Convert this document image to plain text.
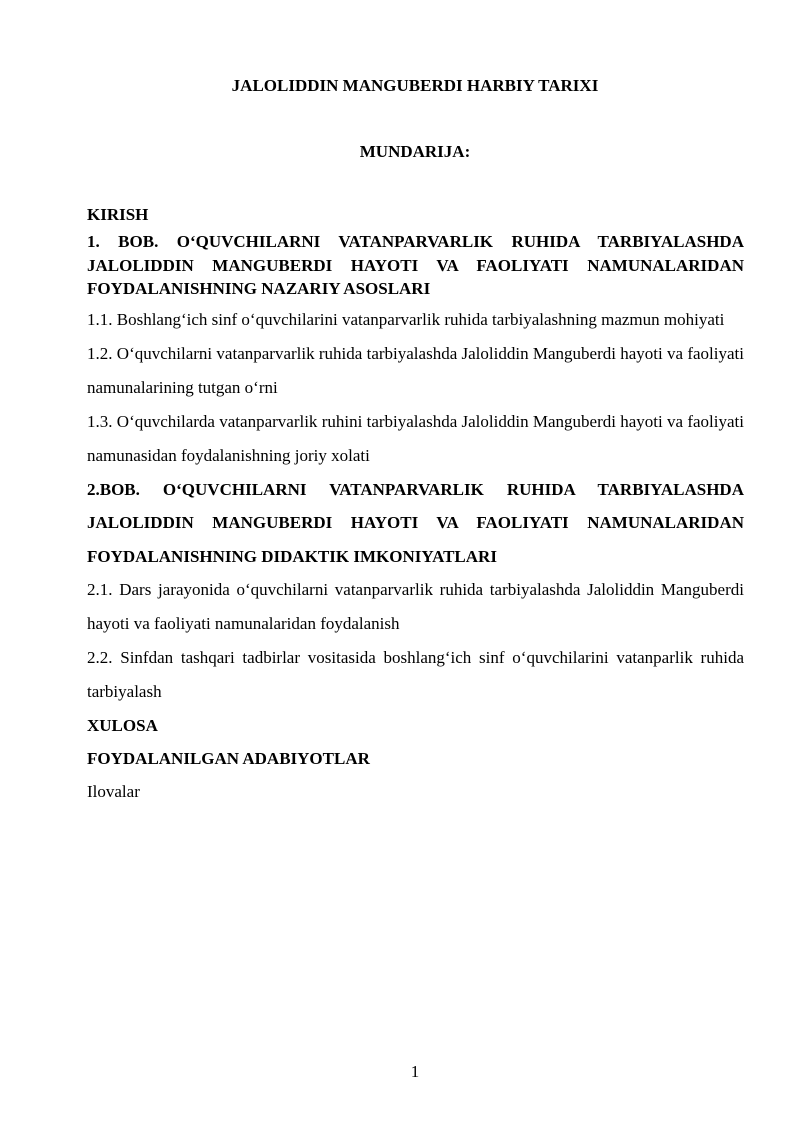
JALOLIDDIN MANGUBERDI HARBIY TARIXI
MUNDARIJA:

KIRISH

1. BOB. O‘QUVCHILARNI VATANPARVARLIK RUHIDA TARBIYALASHDA JALOLIDDIN MANGUBERDI HAYOTI VA FAOLIYATI NAMUNALARIDAN FOYDALANISHNING NAZARIY ASOSLARI

1.1. Boshlang‘ich sinf o‘quvchilarini vatanparvarlik ruhida tarbiyalashning mazmun mohiyati

1.2. O‘quvchilarni vatanparvarlik ruhida tarbiyalashda Jaloliddin Manguberdi hayoti va faoliyati namunalarining tutgan o‘rni

1.3. O‘quvchilarda vatanparvarlik ruhini tarbiyalashda Jaloliddin Manguberdi hayoti va faoliyati namunasidan foydalanishning joriy xolati

2.BOB. O‘QUVCHILARNI VATANPARVARLIK RUHIDA TARBIYALASHDA JALOLIDDIN MANGUBERDI HAYOTI VA FAOLIYATI NAMUNALARIDAN FOYDALANISHNING DIDAKTIK IMKONIYATLARI

2.1. Dars jarayonida o‘quvchilarni vatanparvarlik ruhida tarbiyalashda Jaloliddin Manguberdi hayoti va faoliyati namunalaridan foydalanish

2.2. Sinfdan tashqari tadbirlar vositasida boshlang‘ich sinf o‘quvchilarini vatanparlik ruhida tarbiyalash

XULOSA

FOYDALANILGAN ADABIYOTLAR

Ilovalar

1
